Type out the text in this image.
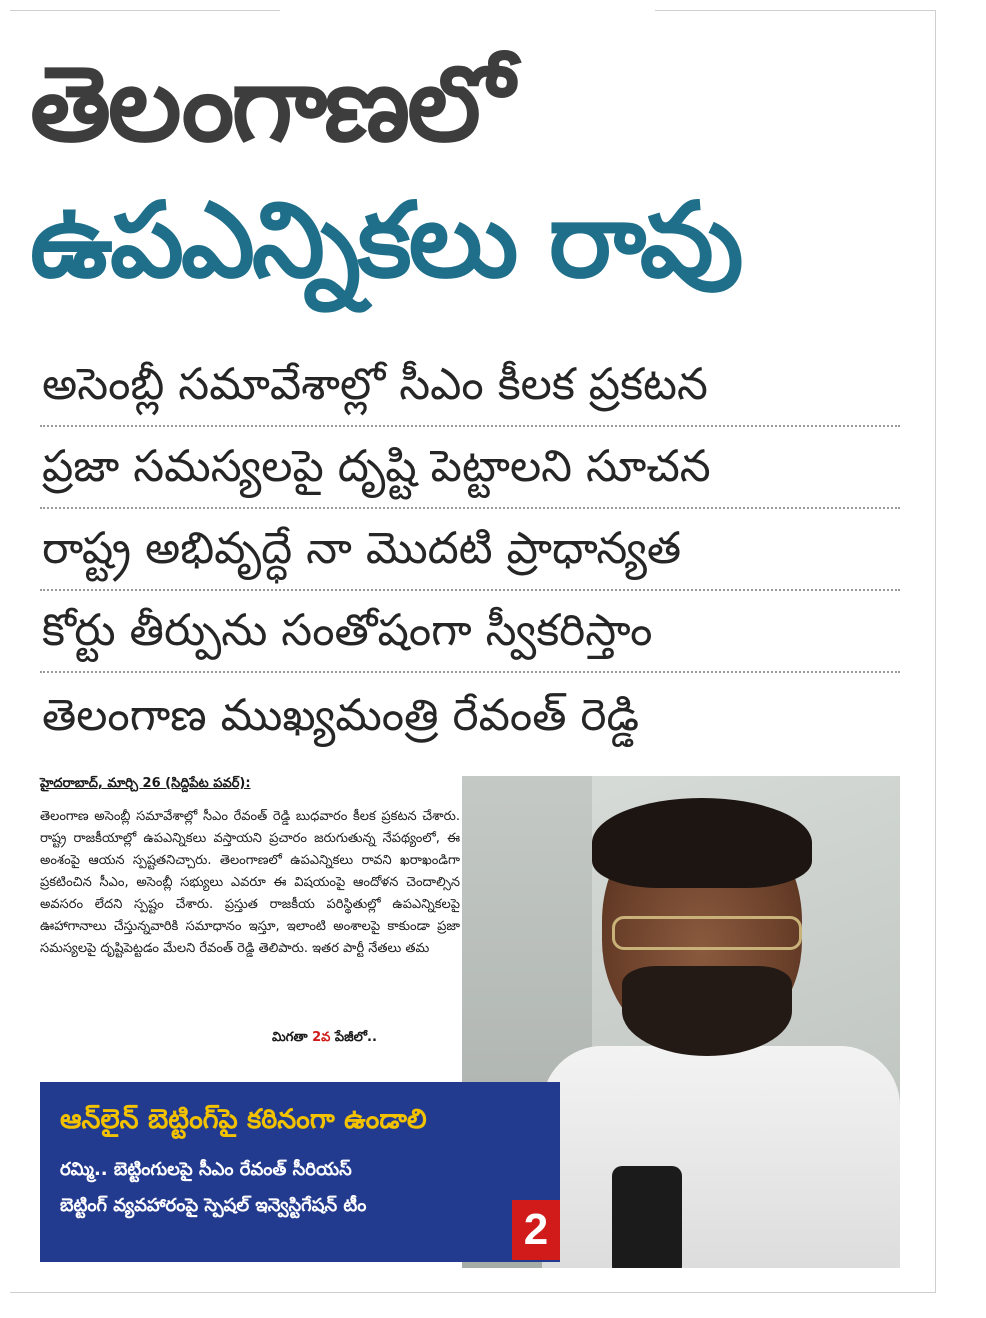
తెలంగాణలో
ఉపఎన్నికలు రావు
అసెంబ్లీ సమావేశాల్లో సీఎం కీలక ప్రకటన
ప్రజా సమస్యలపై దృష్టి పెట్టాలని సూచన
రాష్ట్ర అభివృద్ధే నా మొదటి ప్రాధాన్యత
కోర్టు తీర్పును సంతోషంగా స్వీకరిస్తాం
తెలంగాణ ముఖ్యమంత్రి రేవంత్ రెడ్డి
హైదరాబాద్, మార్చి 26 (సిద్దిపేట పవర్):
తెలంగాణ అసెంబ్లీ సమావేశాల్లో సీఎం రేవంత్ రెడ్డి బుధవారం కీలక ప్రకటన చేశారు. రాష్ట్ర రాజకీయాల్లో ఉపఎన్నికలు వస్తాయని ప్రచారం జరుగుతున్న నేపథ్యంలో, ఈ అంశంపై ఆయన స్పష్టతనిచ్చారు. తెలంగాణలో ఉపఎన్నికలు రావని ఖరాఖండిగా ప్రకటించిన సీఎం, అసెంబ్లీ సభ్యులు ఎవరూ ఈ విషయంపై ఆందోళన చెందాల్సిన అవసరం లేదని స్పష్టం చేశారు. ప్రస్తుత రాజకీయ పరిస్థితుల్లో ఉపఎన్నికలపై ఊహాగానాలు చేస్తున్నవారికి సమాధానం ఇస్తూ, ఇలాంటి అంశాలపై కాకుండా ప్రజా సమస్యలపై దృష్టిపెట్టడం మేలని రేవంత్ రెడ్డి తెలిపారు. ఇతర పార్టీ నేతలు తమ
మిగతా 2వ పేజీలో..
ఆన్‌లైన్ బెట్టింగ్‌పై కఠినంగా ఉండాలి
రమ్మి.. బెట్టింగులపై సీఎం రేవంత్ సీరియస్
బెట్టింగ్ వ్యవహారంపై స్పెషల్ ఇన్వెస్టిగేషన్ టీం	2
